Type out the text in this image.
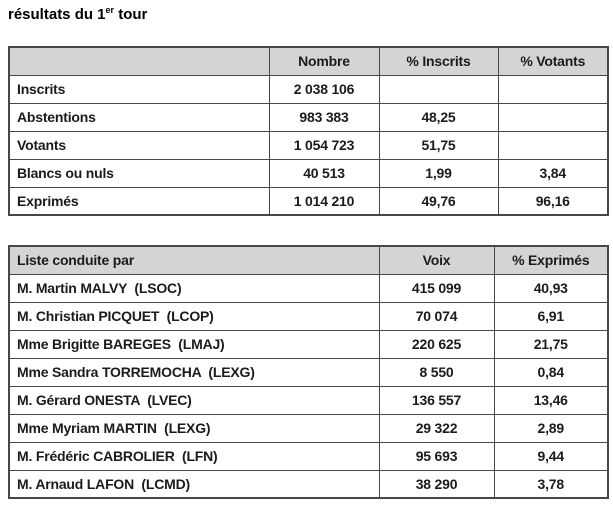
résultats du 1er tour
	Nombre	% Inscrits	% Votants
Inscrits	2 038 106		
Abstentions	983 383	48,25	
Votants	1 054 723	51,75	
Blancs ou nuls	40 513	1,99	3,84
Exprimés	1 014 210	49,76	96,16
Liste conduite par	Voix	% Exprimés
M. Martin MALVY  (LSOC)	415 099	40,93
M. Christian PICQUET  (LCOP)	70 074	6,91
Mme Brigitte BAREGES  (LMAJ)	220 625	21,75
Mme Sandra TORREMOCHA  (LEXG)	8 550	0,84
M. Gérard ONESTA  (LVEC)	136 557	13,46
Mme Myriam MARTIN  (LEXG)	29 322	2,89
M. Frédéric CABROLIER  (LFN)	95 693	9,44
M. Arnaud LAFON  (LCMD)	38 290	3,78
